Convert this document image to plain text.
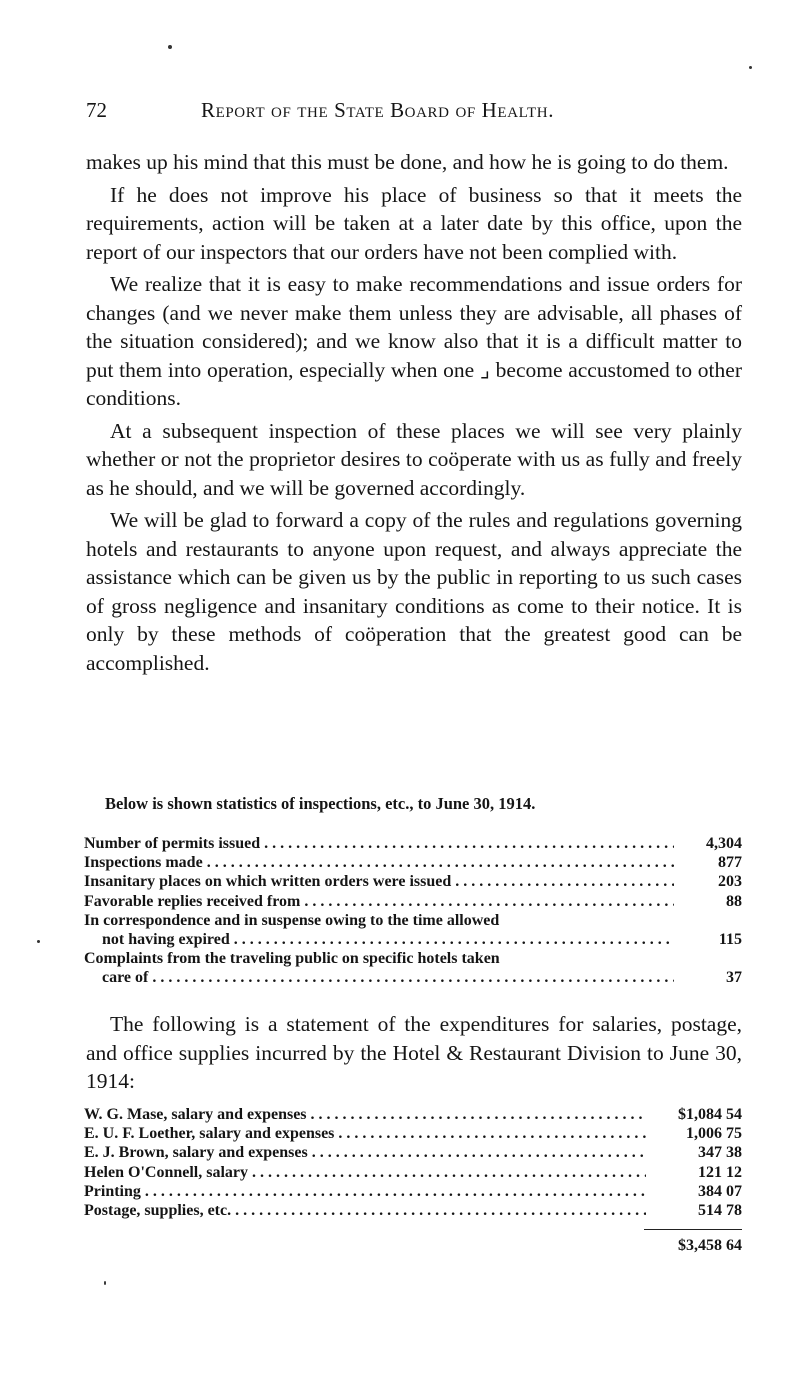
72	Report of the State Board of Health.

makes up his mind that this must be done, and how he is going to do them.

If he does not improve his place of business so that it meets the requirements, action will be taken at a later date by this office, upon the report of our inspectors that our orders have not been complied with.

We realize that it is easy to make recommendations and issue orders for changes (and we never make them unless they are advisable, all phases of the situation considered); and we know also that it is a difficult matter to put them into operation, especially when one ⌟ become accustomed to other conditions.

At a subsequent inspection of these places we will see very plainly whether or not the proprietor desires to coöperate with us as fully and freely as he should, and we will be governed accordingly.

We will be glad to forward a copy of the rules and regulations governing hotels and restaurants to anyone upon request, and always appreciate the assistance which can be given us by the public in reporting to us such cases of gross negligence and insanitary conditions as come to their notice. It is only by these methods of coöperation that the greatest good can be accomplished.

Below is shown statistics of inspections, etc., to June 30, 1914.
Number of permits issued . . .	4,304
Inspections made . . .	877
Insanitary places on which written orders were issued . . .	203
Favorable replies received from . . .	88
In correspondence and in suspense owing to the time allowed
not having expired . . .	115
Complaints from the traveling public on specific hotels taken
care of . . .	37

The following is a statement of the expenditures for salaries, postage, and office supplies incurred by the Hotel & Restaurant Division to June 30, 1914:

W. G. Mase, salary and expenses . . .	$1,084 54
E. U. F. Loether, salary and expenses . . .	1,006 75
E. J. Brown, salary and expenses . . .	347 38
Helen O'Connell, salary . . .	121 12
Printing . . .	384 07
Postage, supplies, etc. . . .	514 78
$3,458 64
